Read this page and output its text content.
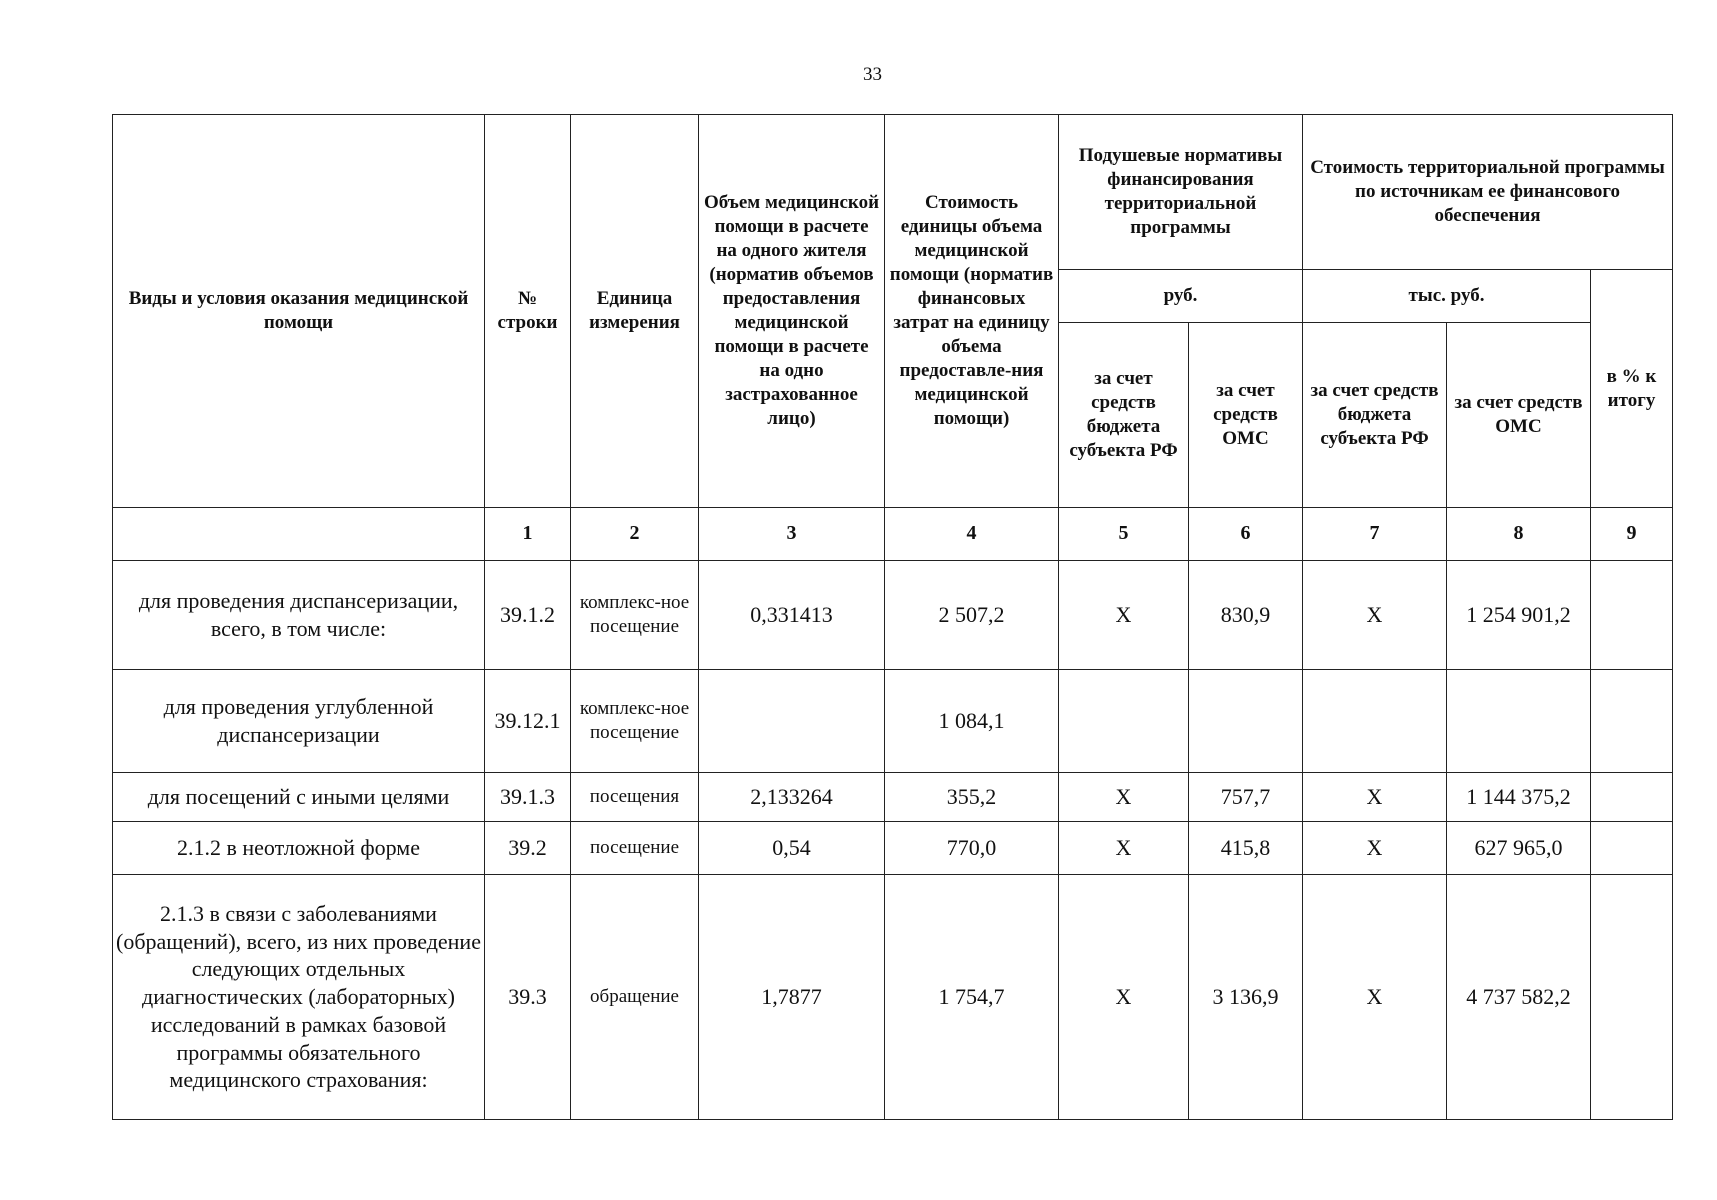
33
Виды и условия оказания медицинской помощи	№ строки	Единица измерения	Объем медицинской помощи в расчете на одного жителя (норматив объемов предоставления медицинской помощи в расчете на одно застрахованное лицо)	Стоимость единицы объема медицинской помощи (норматив финансовых затрат на единицу объема предоставле-ния медицинской помощи)	Подушевые нормативы финансирования территориальной программы		Стоимость территориальной программы по источникам ее финансового обеспечения		
					руб.		тыс. руб.		в % к итогу
					за счет средств бюджета субъекта РФ	за счет средств ОМС	за счет средств бюджета субъекта РФ	за счет средств ОМС	
	1	2	3	4	5	6	7	8	9
для проведения диспансеризации, всего, в том числе:	39.1.2	комплекс-ное посещение	0,331413	2 507,2	Х	830,9	Х	1 254 901,2	
для проведения углубленной диспансеризации	39.12.1	комплекс-ное посещение		1 084,1					
для посещений с иными целями	39.1.3	посещения	2,133264	355,2	Х	757,7	Х	1 144 375,2	
2.1.2 в неотложной форме	39.2	посещение	0,54	770,0	Х	415,8	Х	627 965,0	
2.1.3 в связи с заболеваниями (обращений), всего, из них проведение следующих отдельных диагностических (лабораторных) исследований в рамках базовой программы обязательного медицинского страхования:	39.3	обращение	1,7877	1 754,7	Х	3 136,9	Х	4 737 582,2	
